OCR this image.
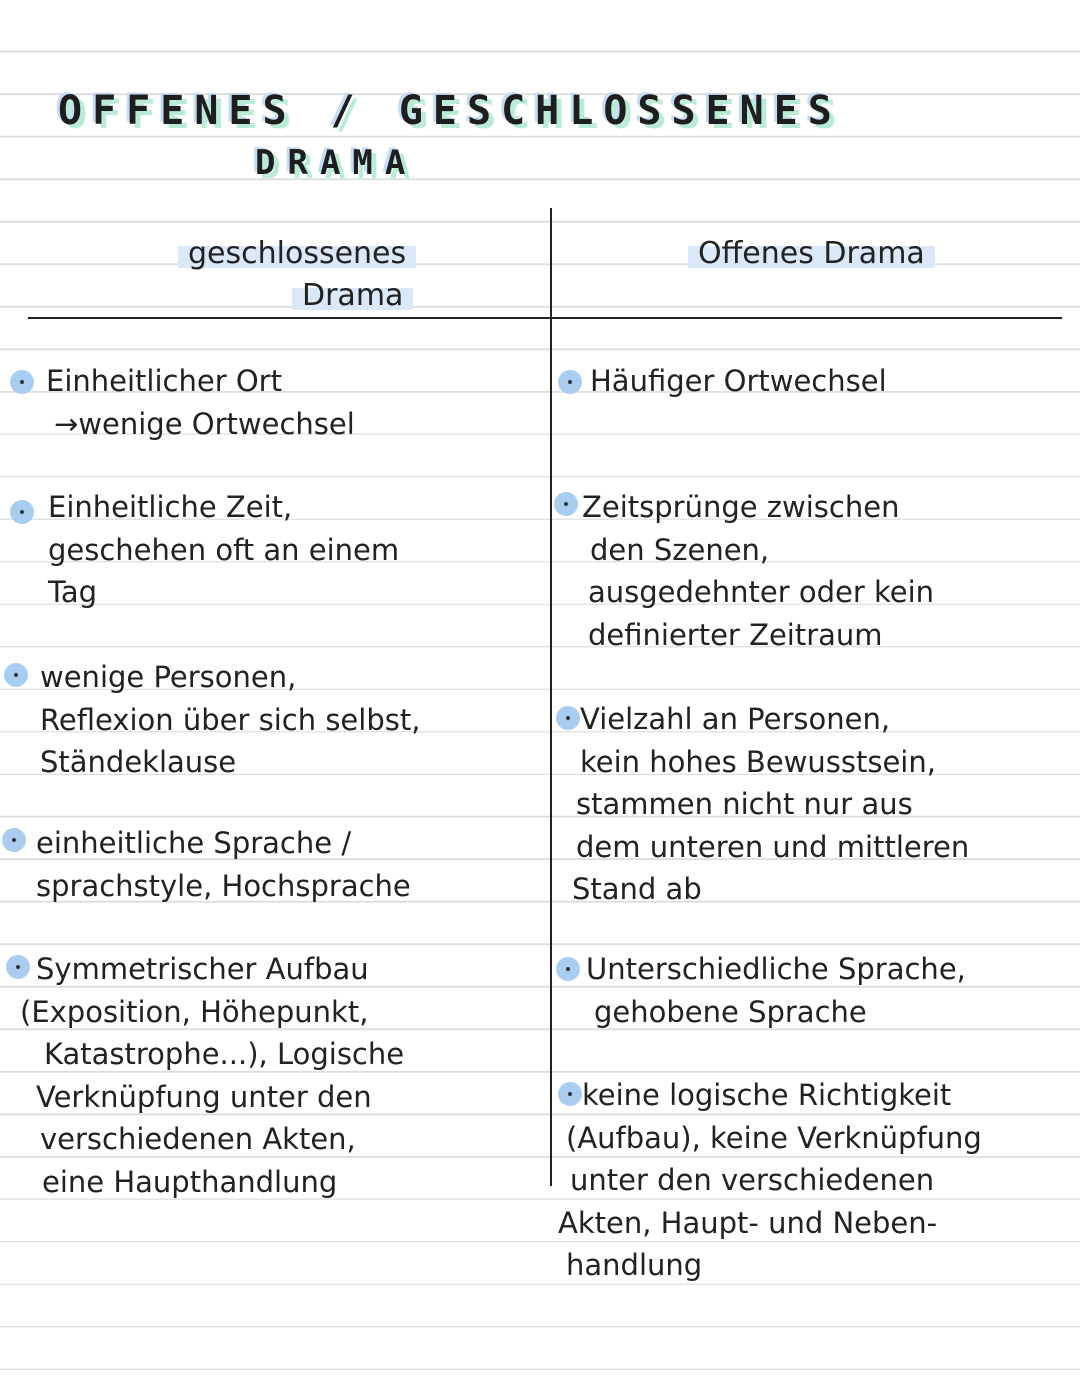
OFFENES / GESCHLOSSENES
DRAMA
geschlossenes
Drama
Offenes Drama
Einheitlicher Ort
→wenige Ortwechsel
Einheitliche Zeit,
geschehen oft an einem
Tag
wenige Personen,
Reflexion über sich selbst,
Ständeklause
einheitliche Sprache /
sprachstyle, Hochsprache
Symmetrischer Aufbau
(Exposition, Höhepunkt,
Katastrophe...), Logische
Verknüpfung unter den
verschiedenen Akten,
eine Haupthandlung
Häufiger Ortwechsel
Zeitsprünge zwischen
den Szenen,
ausgedehnter oder kein
definierter Zeitraum
Vielzahl an Personen,
kein hohes Bewusstsein,
stammen nicht nur aus
dem unteren und mittleren
Stand ab
Unterschiedliche Sprache,
gehobene Sprache
keine logische Richtigkeit
(Aufbau), keine Verknüpfung
unter den verschiedenen
Akten, Haupt- und Neben-
handlung
